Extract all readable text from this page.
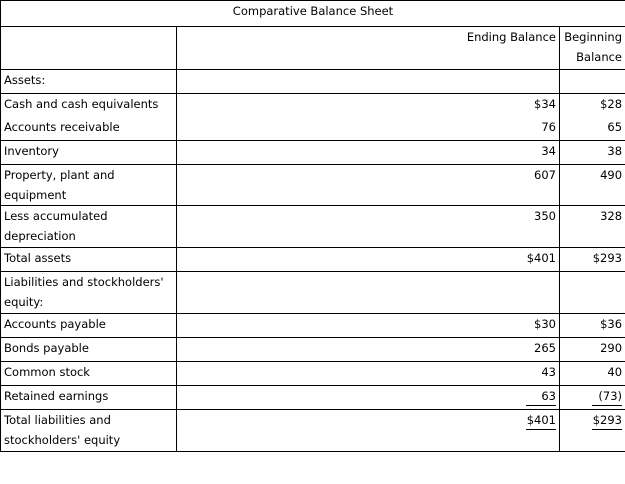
Comparative Balance Sheet		
	Ending Balance	Beginning Balance
Assets:		
Cash and cash equivalents	$34	$28
Accounts receivable	76	65
Inventory	34	38
Property, plant and equipment	607	490
Less accumulated depreciation	350	328
Total assets	$401	$293
Liabilities and stockholders' equity:		
Accounts payable	$30	$36
Bonds payable	265	290
Common stock	43	40
Retained earnings	63	(73)
Total liabilities and stockholders' equity	$401	$293
